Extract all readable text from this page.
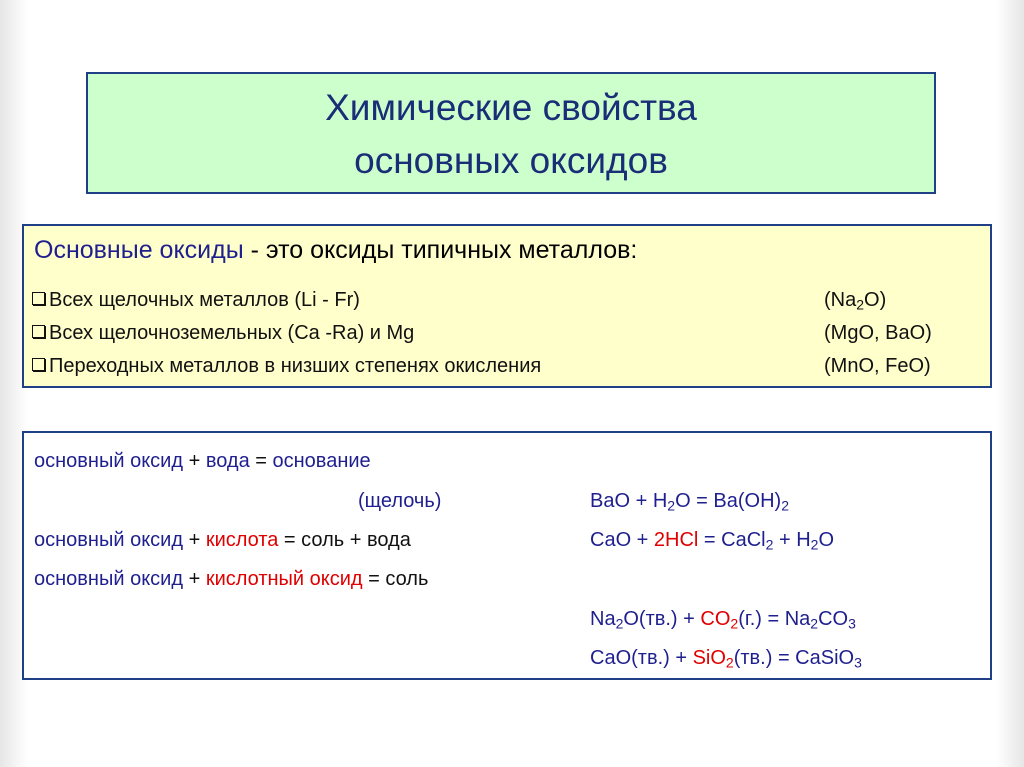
Химические свойства
основных оксидов
Основные оксиды - это оксиды типичных металлов:
Всех щелочных металлов (Li - Fr)	$(Na_2O)$
Всех щелочноземельных (Ca -Ra) и Mg	(MgO, BaO)
Переходных металлов в низших степенях окисления	(MnO, FeO)
основный оксид + вода = основание
(щелочь)	BaO + $H_2O = Ba(OH)_2$
основный оксид + кислота = соль + вода	CaO + 2HCl = CaCl$_2$ + $H_2O$
основный оксид + кислотный оксид = соль
$Na_2O(тв.) + CO_2(г.) = Na_2CO_3$
CaO(тв.) + SiO$_2$(тв.) = CaSiO$_3$
